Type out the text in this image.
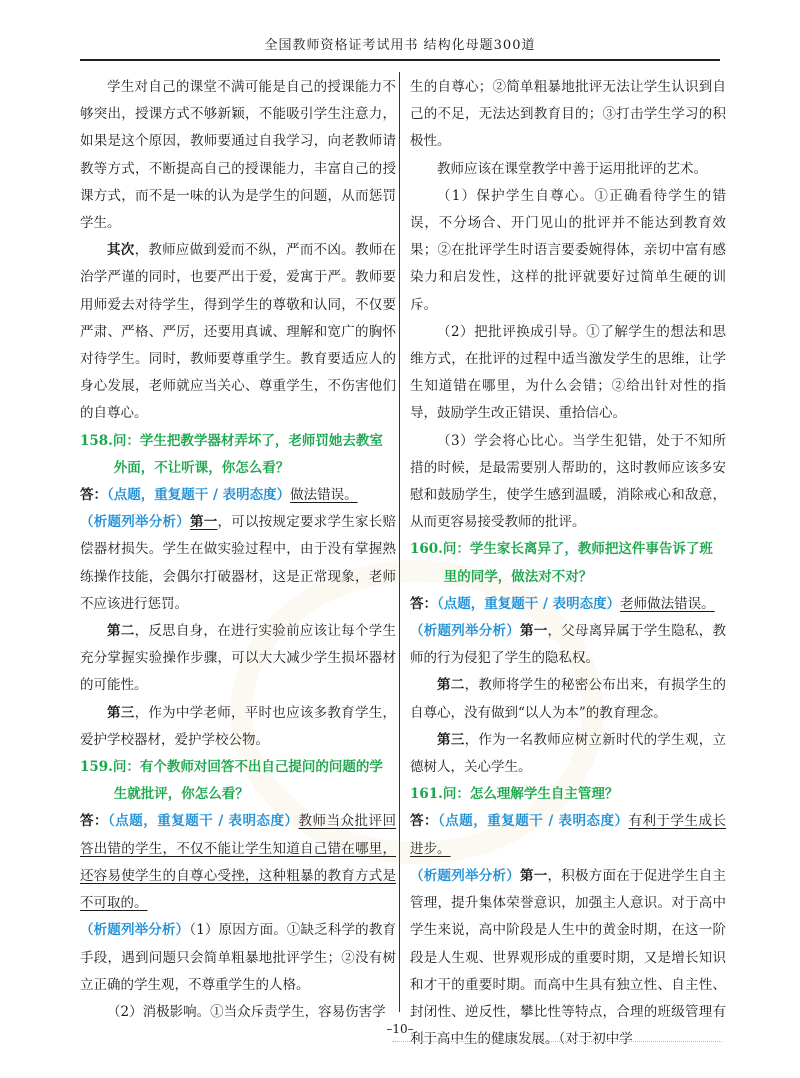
全国教师资格证考试用书 结构化母题300道

学生对自己的课堂不满可能是自己的授课能力不够突出，授课方式不够新颖，不能吸引学生注意力，如果是这个原因，教师要通过自我学习，向老教师请教等方式，不断提高自己的授课能力，丰富自己的授课方式，而不是一味的认为是学生的问题，从而惩罚学生。

其次，教师应做到爱而不纵，严而不凶。教师在治学严谨的同时，也要严出于爱，爱寓于严。教师要用师爱去对待学生，得到学生的尊敬和认同，不仅要严肃、严格、严厉，还要用真诚、理解和宽广的胸怀对待学生。同时，教师要尊重学生。教育要适应人的身心发展，老师就应当关心、尊重学生，不伤害他们的自尊心。

158.问：学生把教学器材弄坏了，老师罚她去教室
外面，不让听课，你怎么看？

答：（点题，重复题干 / 表明态度）做法错误。

（析题列举分析）第一，可以按规定要求学生家长赔偿器材损失。学生在做实验过程中，由于没有掌握熟练操作技能，会偶尔打破器材，这是正常现象，老师不应该进行惩罚。

第二，反思自身，在进行实验前应该让每个学生充分掌握实验操作步骤，可以大大减少学生损坏器材的可能性。

第三，作为中学老师，平时也应该多教育学生，爱护学校器材，爱护学校公物。

159.问：有个教师对回答不出自己提问的问题的学
生就批评，你怎么看？

答：（点题，重复题干 / 表明态度）教师当众批评回答出错的学生，不仅不能让学生知道自己错在哪里，还容易使学生的自尊心受挫，这种粗暴的教育方式是不可取的。

（析题列举分析）（1）原因方面。①缺乏科学的教育手段，遇到问题只会简单粗暴地批评学生；②没有树立正确的学生观，不尊重学生的人格。

（2）消极影响。①当众斥责学生，容易伤害学

生的自尊心；②简单粗暴地批评无法让学生认识到自己的不足，无法达到教育目的；③打击学生学习的积极性。

教师应该在课堂教学中善于运用批评的艺术。

（1）保护学生自尊心。①正确看待学生的错误，不分场合、开门见山的批评并不能达到教育效果；②在批评学生时语言要委婉得体，亲切中富有感染力和启发性，这样的批评就要好过简单生硬的训斥。

（2）把批评换成引导。①了解学生的想法和思维方式，在批评的过程中适当激发学生的思维，让学生知道错在哪里，为什么会错；②给出针对性的指导，鼓励学生改正错误、重拾信心。

（3）学会将心比心。当学生犯错，处于不知所措的时候，是最需要别人帮助的，这时教师应该多安慰和鼓励学生，使学生感到温暖，消除戒心和敌意，从而更容易接受教师的批评。

160.问：学生家长离异了，教师把这件事告诉了班
里的同学，做法对不对？

答：（点题，重复题干 / 表明态度）老师做法错误。

（析题列举分析）第一，父母离异属于学生隐私，教师的行为侵犯了学生的隐私权。

第二，教师将学生的秘密公布出来，有损学生的自尊心，没有做到“以人为本”的教育理念。

第三，作为一名教师应树立新时代的学生观，立德树人，关心学生。

161.问：怎么理解学生自主管理？

答：（点题，重复题干 / 表明态度）有利于学生成长进步。

（析题列举分析）第一，积极方面在于促进学生自主管理，提升集体荣誉意识，加强主人意识。对于高中学生来说，高中阶段是人生中的黄金时期，在这一阶段是人生观、世界观形成的重要时期，又是增长知识和才干的重要时期。而高中生具有独立性、自主性、封闭性、逆反性，攀比性等特点，合理的班级管理有利于高中生的健康发展。（对于初中学

–10–
